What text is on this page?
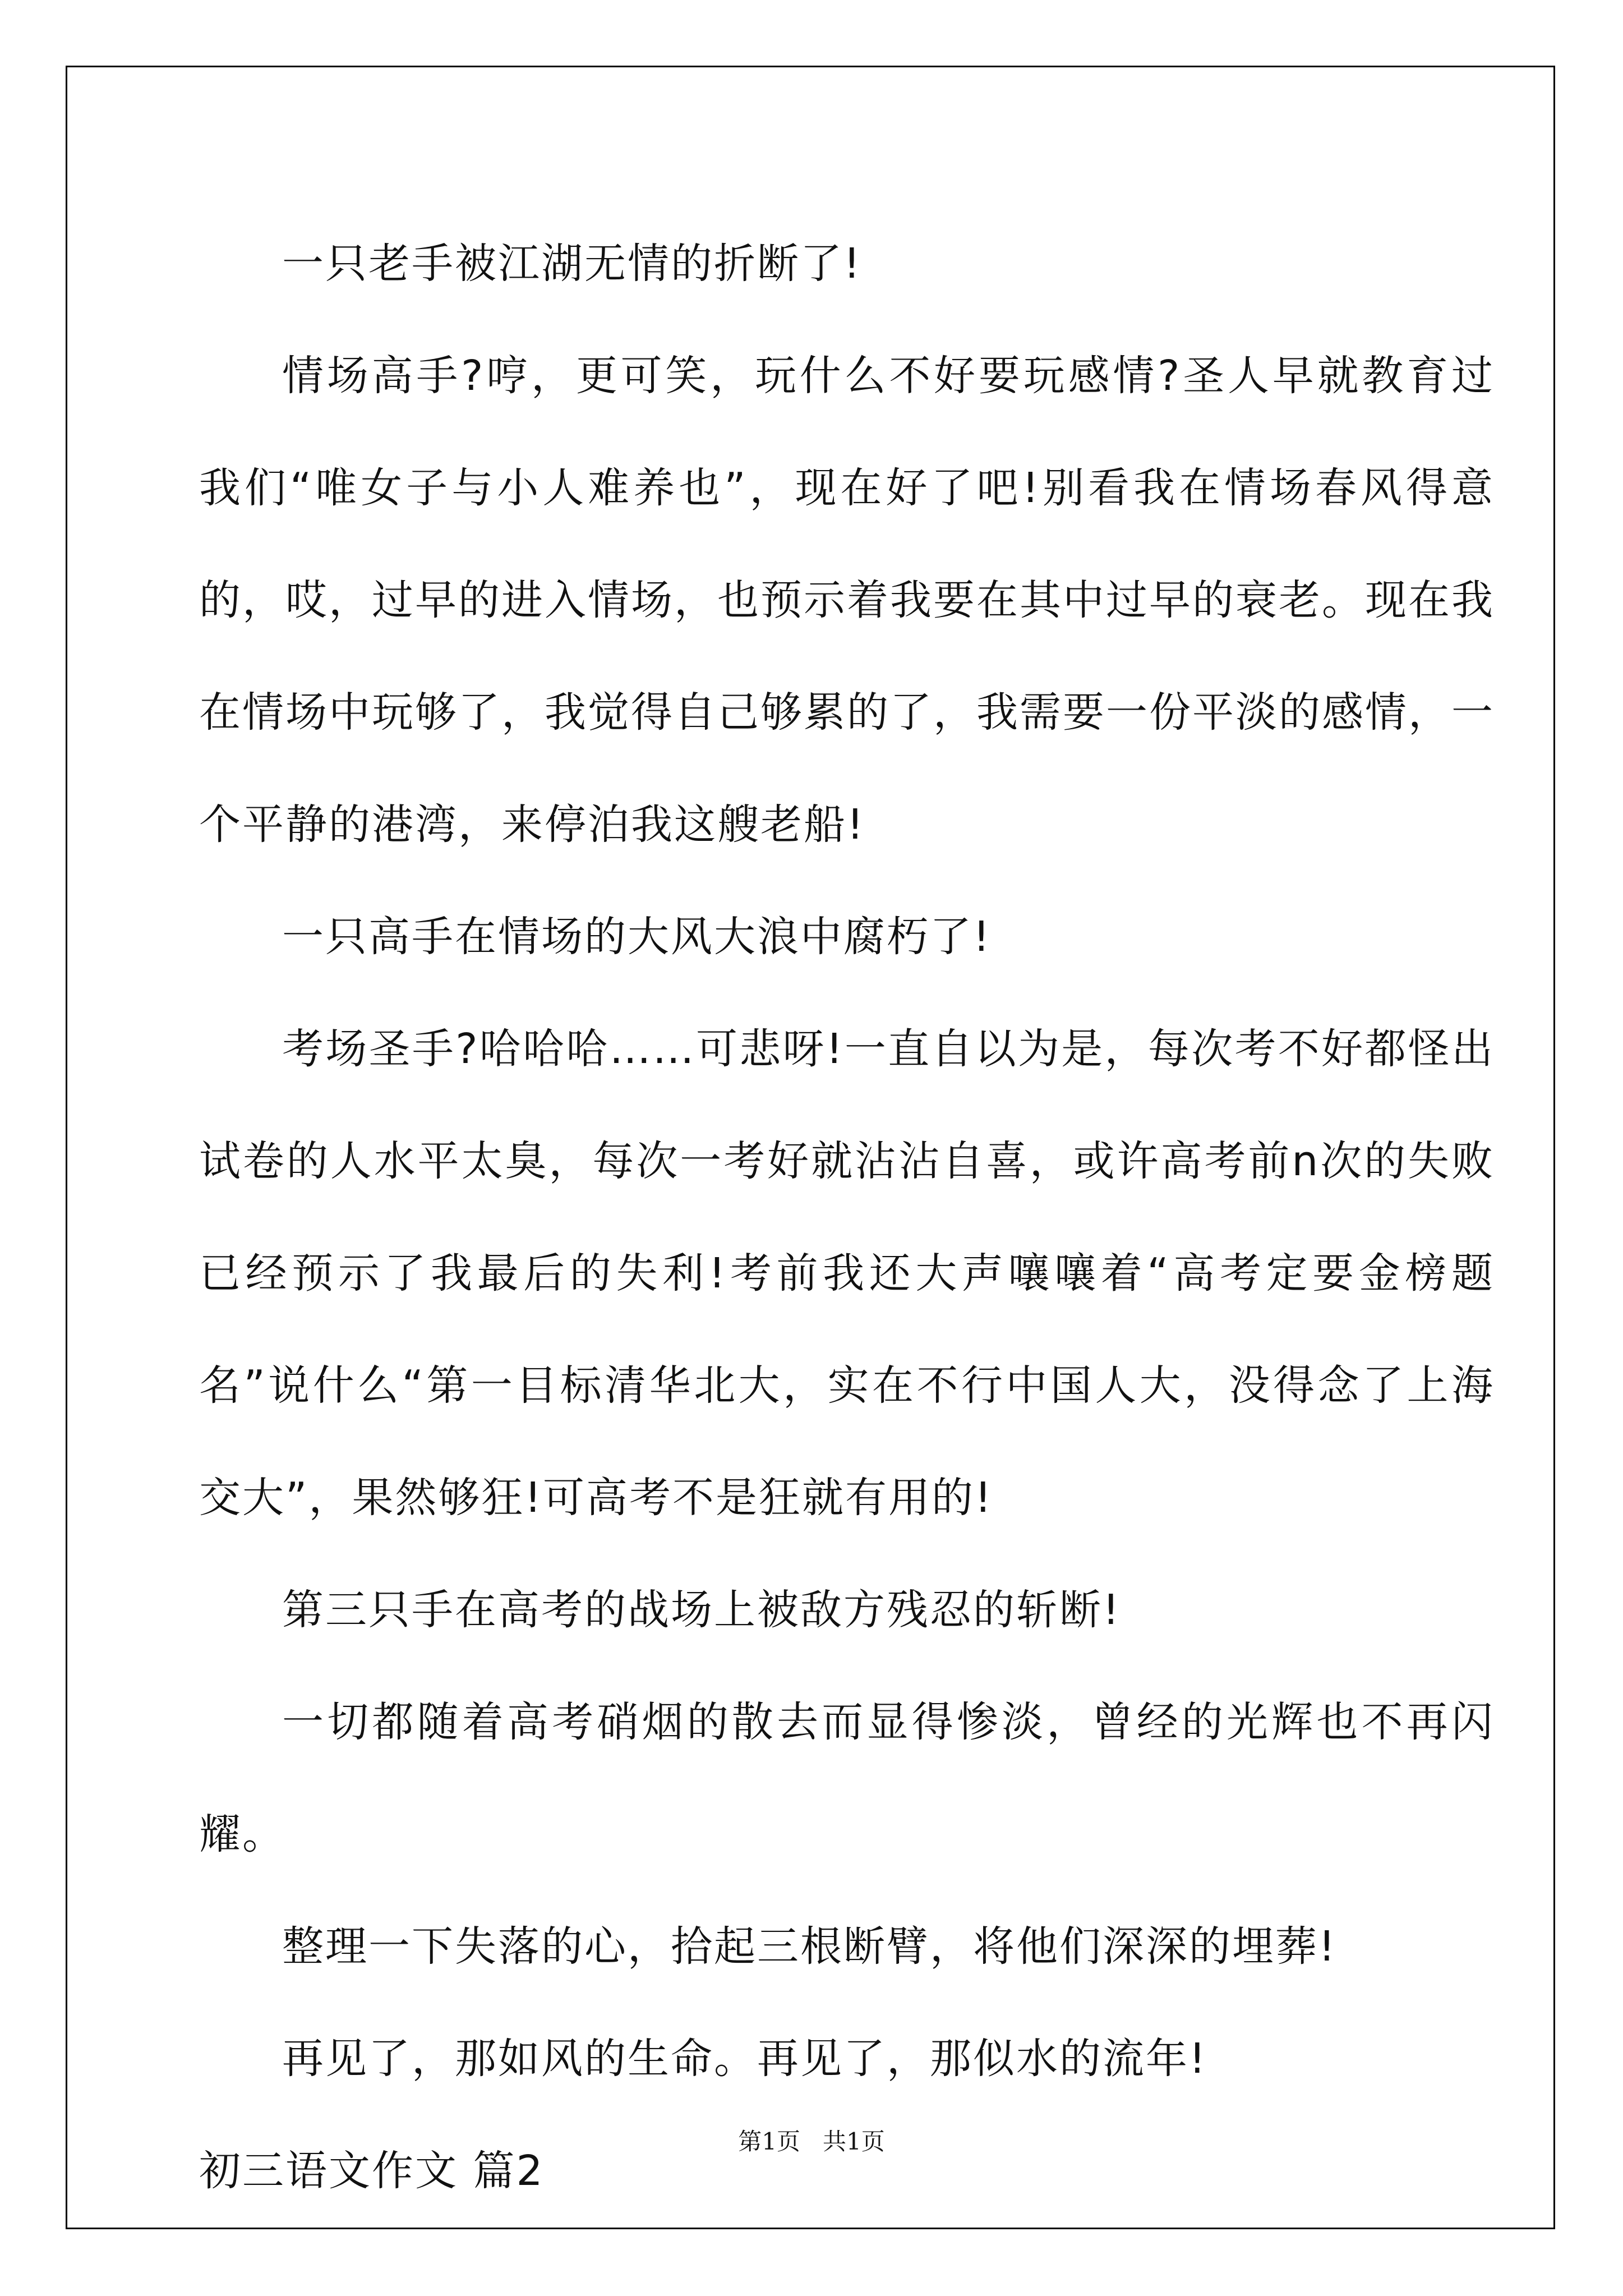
一只老手被江湖无情的折断了!

情场高手?哼，更可笑，玩什么不好要玩感情?圣人早就教育过我们“唯女子与小人难养也”，现在好了吧!别看我在情场春风得意的，哎，过早的进入情场，也预示着我要在其中过早的衰老。现在我在情场中玩够了，我觉得自己够累的了，我需要一份平淡的感情，一个平静的港湾，来停泊我这艘老船!

一只高手在情场的大风大浪中腐朽了!

考场圣手?哈哈哈……可悲呀!一直自以为是，每次考不好都怪出试卷的人水平太臭，每次一考好就沾沾自喜，或许高考前n次的失败已经预示了我最后的失利!考前我还大声嚷嚷着“高考定要金榜题名”说什么“第一目标清华北大，实在不行中国人大，没得念了上海交大”，果然够狂!可高考不是狂就有用的!

第三只手在高考的战场上被敌方残忍的斩断!

一切都随着高考硝烟的散去而显得惨淡，曾经的光辉也不再闪耀。

整理一下失落的心，拾起三根断臂，将他们深深的埋葬!

再见了，那如风的生命。再见了，那似水的流年!

初三语文作文 篇2

第1页 共1页
